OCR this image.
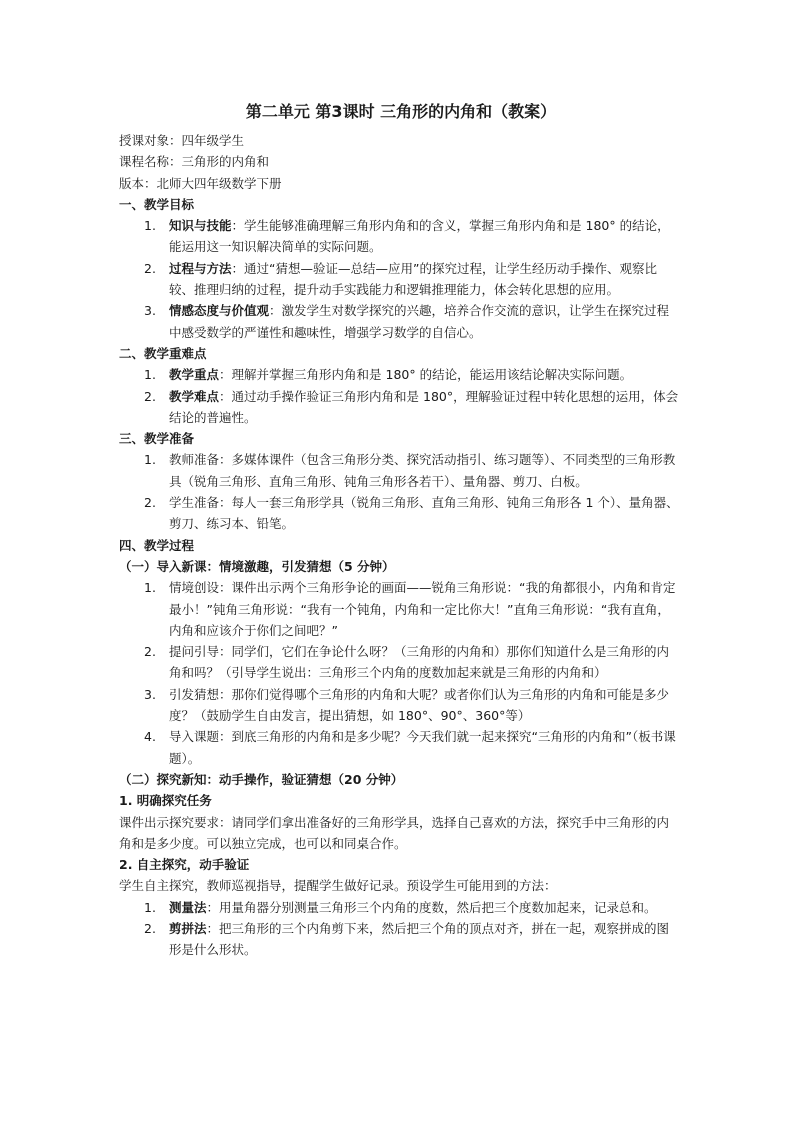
第二单元 第3课时 三角形的内角和（教案）

授课对象：四年级学生

课程名称：三角形的内角和

版本：北师大四年级数学下册

一、教学目标

1. 知识与技能：学生能够准确理解三角形内角和的含义，掌握三角形内角和是 180° 的结论，能运用这一知识解决简单的实际问题。
2. 过程与方法：通过“猜想—验证—总结—应用”的探究过程，让学生经历动手操作、观察比较、推理归纳的过程，提升动手实践能力和逻辑推理能力，体会转化思想的应用。
3. 情感态度与价值观：激发学生对数学探究的兴趣，培养合作交流的意识，让学生在探究过程中感受数学的严谨性和趣味性，增强学习数学的自信心。

二、教学重难点

1. 教学重点：理解并掌握三角形内角和是 180° 的结论，能运用该结论解决实际问题。
2. 教学难点：通过动手操作验证三角形内角和是 180°，理解验证过程中转化思想的运用，体会结论的普遍性。

三、教学准备

1. 教师准备：多媒体课件（包含三角形分类、探究活动指引、练习题等）、不同类型的三角形教具（锐角三角形、直角三角形、钝角三角形各若干）、量角器、剪刀、白板。
2. 学生准备：每人一套三角形学具（锐角三角形、直角三角形、钝角三角形各 1 个）、量角器、剪刀、练习本、铅笔。

四、教学过程

（一）导入新课：情境激趣，引发猜想（5 分钟）

1. 情境创设：课件出示两个三角形争论的画面——锐角三角形说：“我的角都很小，内角和肯定最小！”钝角三角形说：“我有一个钝角，内角和一定比你大！”直角三角形说：“我有直角，内角和应该介于你们之间吧？”
2. 提问引导：同学们，它们在争论什么呀？（三角形的内角和）那你们知道什么是三角形的内角和吗？（引导学生说出：三角形三个内角的度数加起来就是三角形的内角和）
3. 引发猜想：那你们觉得哪个三角形的内角和大呢？或者你们认为三角形的内角和可能是多少度？（鼓励学生自由发言，提出猜想，如 180°、90°、360°等）
4. 导入课题：到底三角形的内角和是多少呢？今天我们就一起来探究“三角形的内角和”（板书课题）。

（二）探究新知：动手操作，验证猜想（20 分钟）

1. 明确探究任务

课件出示探究要求：请同学们拿出准备好的三角形学具，选择自己喜欢的方法，探究手中三角形的内角和是多少度。可以独立完成，也可以和同桌合作。

2. 自主探究，动手验证

学生自主探究，教师巡视指导，提醒学生做好记录。预设学生可能用到的方法：

1. 测量法：用量角器分别测量三角形三个内角的度数，然后把三个度数加起来，记录总和。
2. 剪拼法：把三角形的三个内角剪下来，然后把三个角的顶点对齐，拼在一起，观察拼成的图形是什么形状。
